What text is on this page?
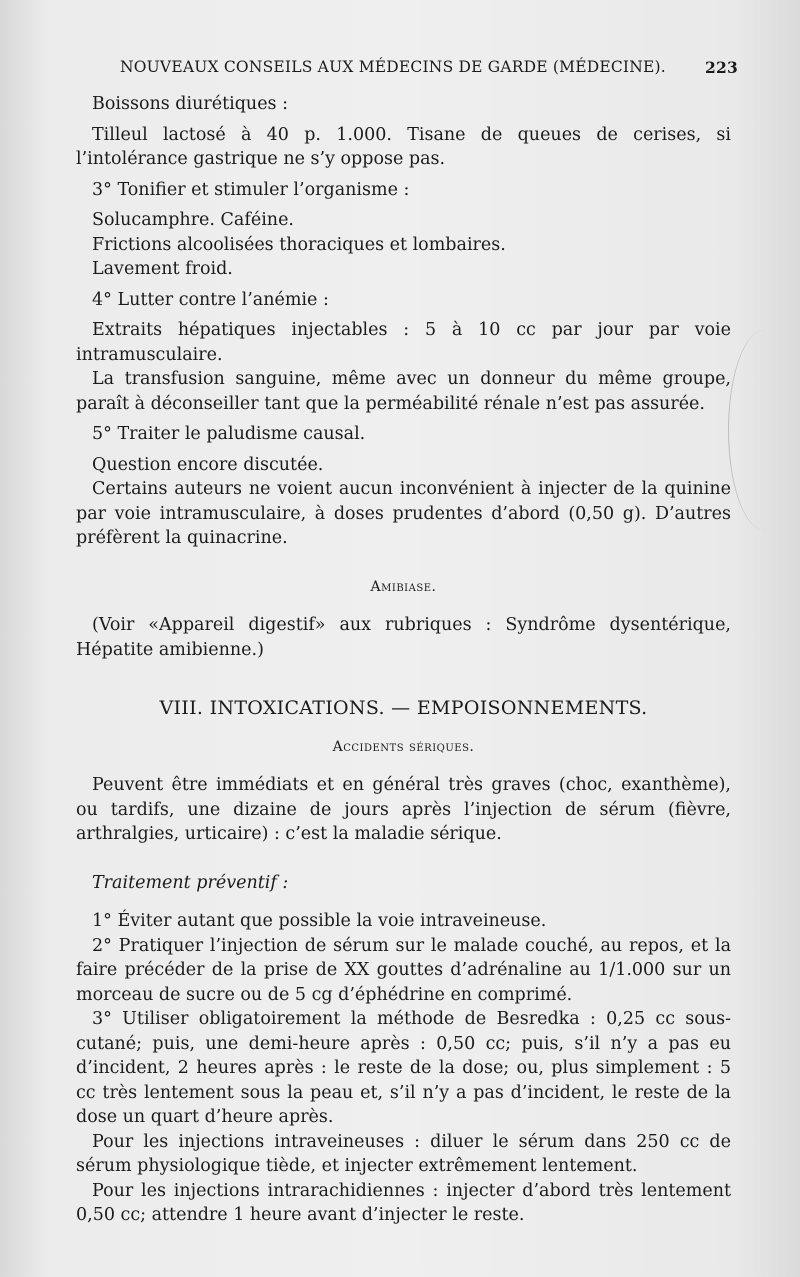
NOUVEAUX CONSEILS AUX MÉDECINS DE GARDE (MÉDECINE).	223

Boissons diurétiques :

Tilleul lactosé à 40 p. 1.000. Tisane de queues de cerises, si l’intolérance gastrique ne s’y oppose pas.

3° Tonifier et stimuler l’organisme :

Solucamphre. Caféine.

Frictions alcoolisées thoraciques et lombaires.

Lavement froid.

4° Lutter contre l’anémie :

Extraits hépatiques injectables : 5 à 10 cc par jour par voie intramusculaire.

La transfusion sanguine, même avec un donneur du même groupe, paraît à déconseiller tant que la perméabilité rénale n’est pas assurée.

5° Traiter le paludisme causal.

Question encore discutée.

Certains auteurs ne voient aucun inconvénient à injecter de la quinine par voie intramusculaire, à doses prudentes d’abord (0,50 g). D’autres préfèrent la quinacrine.

Amibiase.

(Voir «Appareil digestif» aux rubriques : Syndrôme dysentérique, Hépatite amibienne.)

VIII. INTOXICATIONS. — EMPOISONNEMENTS.

Accidents sériques.

Peuvent être immédiats et en général très graves (choc, exanthème), ou tardifs, une dizaine de jours après l’injection de sérum (fièvre, arthralgies, urticaire) : c’est la maladie sérique.

Traitement préventif :

1° Éviter autant que possible la voie intraveineuse.

2° Pratiquer l’injection de sérum sur le malade couché, au repos, et la faire précéder de la prise de XX gouttes d’adrénaline au 1/1.000 sur un morceau de sucre ou de 5 cg d’éphédrine en comprimé.

3° Utiliser obligatoirement la méthode de Besredka : 0,25 cc sous-cutané; puis, une demi-heure après : 0,50 cc; puis, s’il n’y a pas eu d’incident, 2 heures après : le reste de la dose; ou, plus simplement : 5 cc très lentement sous la peau et, s’il n’y a pas d’incident, le reste de la dose un quart d’heure après.

Pour les injections intraveineuses : diluer le sérum dans 250 cc de sérum physiologique tiède, et injecter extrêmement lentement.

Pour les injections intrarachidiennes : injecter d’abord très lentement 0,50 cc; attendre 1 heure avant d’injecter le reste.
